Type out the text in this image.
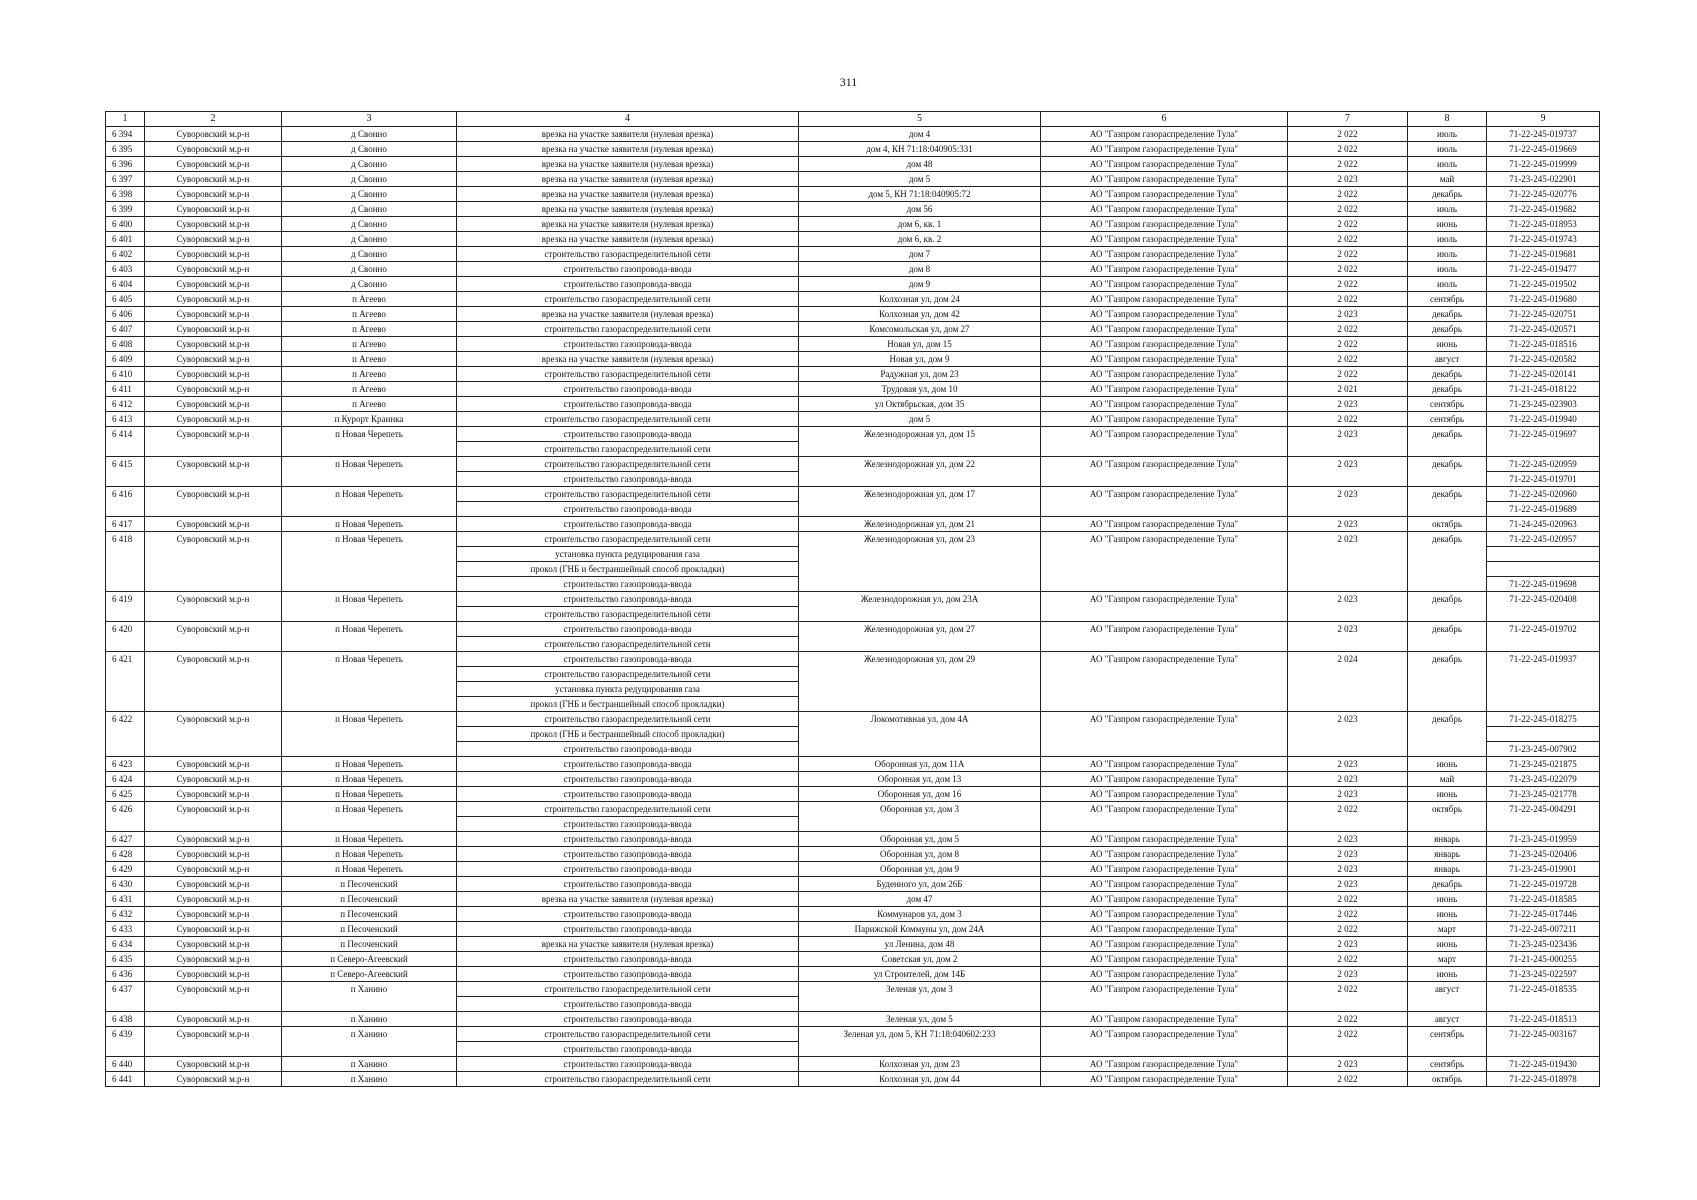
311
1	2	3	4	5	6	7	8	9
6 394	Суворовский м.р-н	д Свонно	врезка на участке заявителя (нулевая врезка)	дом 4	АО "Газпром газораспределение Тула"	2 022	июль	71-22-245-019737
6 395	Суворовский м.р-н	д Свонно	врезка на участке заявителя (нулевая врезка)	дом 4, КН 71:18:040905:331	АО "Газпром газораспределение Тула"	2 022	июль	71-22-245-019669
6 396	Суворовский м.р-н	д Свонно	врезка на участке заявителя (нулевая врезка)	дом 48	АО "Газпром газораспределение Тула"	2 022	июль	71-22-245-019999
6 397	Суворовский м.р-н	д Свонно	врезка на участке заявителя (нулевая врезка)	дом 5	АО "Газпром газораспределение Тула"	2 023	май	71-23-245-022901
6 398	Суворовский м.р-н	д Свонно	врезка на участке заявителя (нулевая врезка)	дом 5, КН 71:18:040905:72	АО "Газпром газораспределение Тула"	2 022	декабрь	71-22-245-020776
6 399	Суворовский м.р-н	д Свонно	врезка на участке заявителя (нулевая врезка)	дом 56	АО "Газпром газораспределение Тула"	2 022	июль	71-22-245-019682
6 400	Суворовский м.р-н	д Свонно	врезка на участке заявителя (нулевая врезка)	дом 6, кв. 1	АО "Газпром газораспределение Тула"	2 022	июнь	71-22-245-018953
6 401	Суворовский м.р-н	д Свонно	врезка на участке заявителя (нулевая врезка)	дом 6, кв. 2	АО "Газпром газораспределение Тула"	2 022	июль	71-22-245-019743
6 402	Суворовский м.р-н	д Свонно	строительство газораспределительной сети	дом 7	АО "Газпром газораспределение Тула"	2 022	июль	71-22-245-019681
6 403	Суворовский м.р-н	д Свонно	строительство газопровода-ввода	дом 8	АО "Газпром газораспределение Тула"	2 022	июль	71-22-245-019477
6 404	Суворовский м.р-н	д Свонно	строительство газопровода-ввода	дом 9	АО "Газпром газораспределение Тула"	2 022	июль	71-22-245-019502
6 405	Суворовский м.р-н	п Агеево	строительство газораспределительной сети	Колхозная ул, дом 24	АО "Газпром газораспределение Тула"	2 022	сентябрь	71-22-245-019680
6 406	Суворовский м.р-н	п Агеево	врезка на участке заявителя (нулевая врезка)	Колхозная ул, дом 42	АО "Газпром газораспределение Тула"	2 023	декабрь	71-22-245-020751
6 407	Суворовский м.р-н	п Агеево	строительство газораспределительной сети	Комсомольская ул, дом 27	АО "Газпром газораспределение Тула"	2 022	декабрь	71-22-245-020571
6 408	Суворовский м.р-н	п Агеево	строительство газопровода-ввода	Новая ул, дом 15	АО "Газпром газораспределение Тула"	2 022	июнь	71-22-245-018516
6 409	Суворовский м.р-н	п Агеево	врезка на участке заявителя (нулевая врезка)	Новая ул, дом 9	АО "Газпром газораспределение Тула"	2 022	август	71-22-245-020582
6 410	Суворовский м.р-н	п Агеево	строительство газораспределительной сети	Радужная ул, дом 23	АО "Газпром газораспределение Тула"	2 022	декабрь	71-22-245-020141
6 411	Суворовский м.р-н	п Агеево	строительство газопровода-ввода	Трудовая ул, дом 10	АО "Газпром газораспределение Тула"	2 021	декабрь	71-21-245-018122
6 412	Суворовский м.р-н	п Агеево	строительство газопровода-ввода	ул Октябрьская, дом 35	АО "Газпром газораспределение Тула"	2 023	сентябрь	71-23-245-023903
6 413	Суворовский м.р-н	п Курорт Краинка	строительство газораспределительной сети	дом 5	АО "Газпром газораспределение Тула"	2 022	сентябрь	71-22-245-019940
6 414	Суворовский м.р-н	п Новая Черепеть	строительство газопровода-ввода	Железнодорожная ул, дом 15	АО "Газпром газораспределение Тула"	2 023	декабрь	71-22-245-019697
			строительство газораспределительной сети					
6 415	Суворовский м.р-н	п Новая Черепеть	строительство газораспределительной сети	Железнодорожная ул, дом 22	АО "Газпром газораспределение Тула"	2 023	декабрь	71-22-245-020959
			строительство газопровода-ввода					71-22-245-019701
6 416	Суворовский м.р-н	п Новая Черепеть	строительство газораспределительной сети	Железнодорожная ул, дом 17	АО "Газпром газораспределение Тула"	2 023	декабрь	71-22-245-020960
			строительство газопровода-ввода					71-22-245-019689
6 417	Суворовский м.р-н	п Новая Черепеть	строительство газопровода-ввода	Железнодорожная ул, дом 21	АО "Газпром газораспределение Тула"	2 023	октябрь	71-24-245-020963
6 418	Суворовский м.р-н	п Новая Черепеть	строительство газораспределительной сети	Железнодорожная ул, дом 23	АО "Газпром газораспределение Тула"	2 023	декабрь	71-22-245-020957
			установка пункта редуцирования газа					
			прокол (ГНБ и бестраншейный способ прокладки)					
			строительство газопровода-ввода					71-22-245-019698
6 419	Суворовский м.р-н	п Новая Черепеть	строительство газопровода-ввода	Железнодорожная ул, дом 23А	АО "Газпром газораспределение Тула"	2 023	декабрь	71-22-245-020408
			строительство газораспределительной сети					
6 420	Суворовский м.р-н	п Новая Черепеть	строительство газопровода-ввода	Железнодорожная ул, дом 27	АО "Газпром газораспределение Тула"	2 023	декабрь	71-22-245-019702
			строительство газораспределительной сети					
6 421	Суворовский м.р-н	п Новая Черепеть	строительство газопровода-ввода	Железнодорожная ул, дом 29	АО "Газпром газораспределение Тула"	2 024	декабрь	71-22-245-019937
			строительство газораспределительной сети					
			установка пункта редуцирования газа					
			прокол (ГНБ и бестраншейный способ прокладки)					
6 422	Суворовский м.р-н	п Новая Черепеть	строительство газораспределительной сети	Локомотивная ул, дом 4А	АО "Газпром газораспределение Тула"	2 023	декабрь	71-22-245-018275
			прокол (ГНБ и бестраншейный способ прокладки)					
			строительство газопровода-ввода					71-23-245-007902
6 423	Суворовский м.р-н	п Новая Черепеть	строительство газопровода-ввода	Оборонная ул, дом 11А	АО "Газпром газораспределение Тула"	2 023	июнь	71-23-245-021875
6 424	Суворовский м.р-н	п Новая Черепеть	строительство газопровода-ввода	Оборонная ул, дом 13	АО "Газпром газораспределение Тула"	2 023	май	71-23-245-022079
6 425	Суворовский м.р-н	п Новая Черепеть	строительство газопровода-ввода	Оборонная ул, дом 16	АО "Газпром газораспределение Тула"	2 023	июнь	71-23-245-021778
6 426	Суворовский м.р-н	п Новая Черепеть	строительство газораспределительной сети	Оборонная ул, дом 3	АО "Газпром газораспределение Тула"	2 022	октябрь	71-22-245-004291
			строительство газопровода-ввода					
6 427	Суворовский м.р-н	п Новая Черепеть	строительство газопровода-ввода	Оборонная ул, дом 5	АО "Газпром газораспределение Тула"	2 023	январь	71-23-245-019959
6 428	Суворовский м.р-н	п Новая Черепеть	строительство газопровода-ввода	Оборонная ул, дом 8	АО "Газпром газораспределение Тула"	2 023	январь	71-23-245-020406
6 429	Суворовский м.р-н	п Новая Черепеть	строительство газопровода-ввода	Оборонная ул, дом 9	АО "Газпром газораспределение Тула"	2 023	январь	71-23-245-019901
6 430	Суворовский м.р-н	п Песоченский	строительство газопровода-ввода	Буденного ул, дом 26Б	АО "Газпром газораспределение Тула"	2 023	декабрь	71-22-245-019728
6 431	Суворовский м.р-н	п Песоченский	врезка на участке заявителя (нулевая врезка)	дом 47	АО "Газпром газораспределение Тула"	2 022	июнь	71-22-245-018585
6 432	Суворовский м.р-н	п Песоченский	строительство газопровода-ввода	Коммунаров ул, дом 3	АО "Газпром газораспределение Тула"	2 022	июнь	71-22-245-017446
6 433	Суворовский м.р-н	п Песоченский	строительство газопровода-ввода	Парижской Коммуны ул, дом 24А	АО "Газпром газораспределение Тула"	2 022	март	71-22-245-007211
6 434	Суворовский м.р-н	п Песоченский	врезка на участке заявителя (нулевая врезка)	ул Ленина, дом 48	АО "Газпром газораспределение Тула"	2 023	июнь	71-23-245-023436
6 435	Суворовский м.р-н	п Северо-Агеевский	строительство газопровода-ввода	Советская ул, дом 2	АО "Газпром газораспределение Тула"	2 022	март	71-21-245-000255
6 436	Суворовский м.р-н	п Северо-Агеевский	строительство газопровода-ввода	ул Строителей, дом 14Б	АО "Газпром газораспределение Тула"	2 023	июнь	71-23-245-022597
6 437	Суворовский м.р-н	п Ханино	строительство газораспределительной сети	Зеленая ул, дом 3	АО "Газпром газораспределение Тула"	2 022	август	71-22-245-018535
			строительство газопровода-ввода					
6 438	Суворовский м.р-н	п Ханино	строительство газопровода-ввода	Зеленая ул, дом 5	АО "Газпром газораспределение Тула"	2 022	август	71-22-245-018513
6 439	Суворовский м.р-н	п Ханино	строительство газораспределительной сети	Зеленая ул, дом 5, КН 71:18:040602:233	АО "Газпром газораспределение Тула"	2 022	сентябрь	71-22-245-003167
			строительство газопровода-ввода					
6 440	Суворовский м.р-н	п Ханино	строительство газопровода-ввода	Колхозная ул, дом 23	АО "Газпром газораспределение Тула"	2 023	сентябрь	71-22-245-019430
6 441	Суворовский м.р-н	п Ханино	строительство газораспределительной сети	Колхозная ул, дом 44	АО "Газпром газораспределение Тула"	2 022	октябрь	71-22-245-018978
